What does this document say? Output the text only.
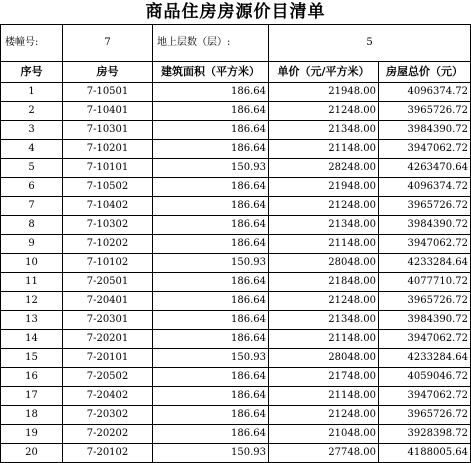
商品住房房源价目清单
楼幢号:	7	地上层数（层）:	5	
序号	房号	建筑面积（平方米）	单价（元/平方米）	房屋总价（元）
1	7-10501	186.64	21948.00	4096374.72
2	7-10401	186.64	21248.00	3965726.72
3	7-10301	186.64	21348.00	3984390.72
4	7-10201	186.64	21148.00	3947062.72
5	7-10101	150.93	28248.00	4263470.64
6	7-10502	186.64	21948.00	4096374.72
7	7-10402	186.64	21248.00	3965726.72
8	7-10302	186.64	21348.00	3984390.72
9	7-10202	186.64	21148.00	3947062.72
10	7-10102	150.93	28048.00	4233284.64
11	7-20501	186.64	21848.00	4077710.72
12	7-20401	186.64	21248.00	3965726.72
13	7-20301	186.64	21348.00	3984390.72
14	7-20201	186.64	21148.00	3947062.72
15	7-20101	150.93	28048.00	4233284.64
16	7-20502	186.64	21748.00	4059046.72
17	7-20402	186.64	21148.00	3947062.72
18	7-20302	186.64	21248.00	3965726.72
19	7-20202	186.64	21048.00	3928398.72
20	7-20102	150.93	27748.00	4188005.64
